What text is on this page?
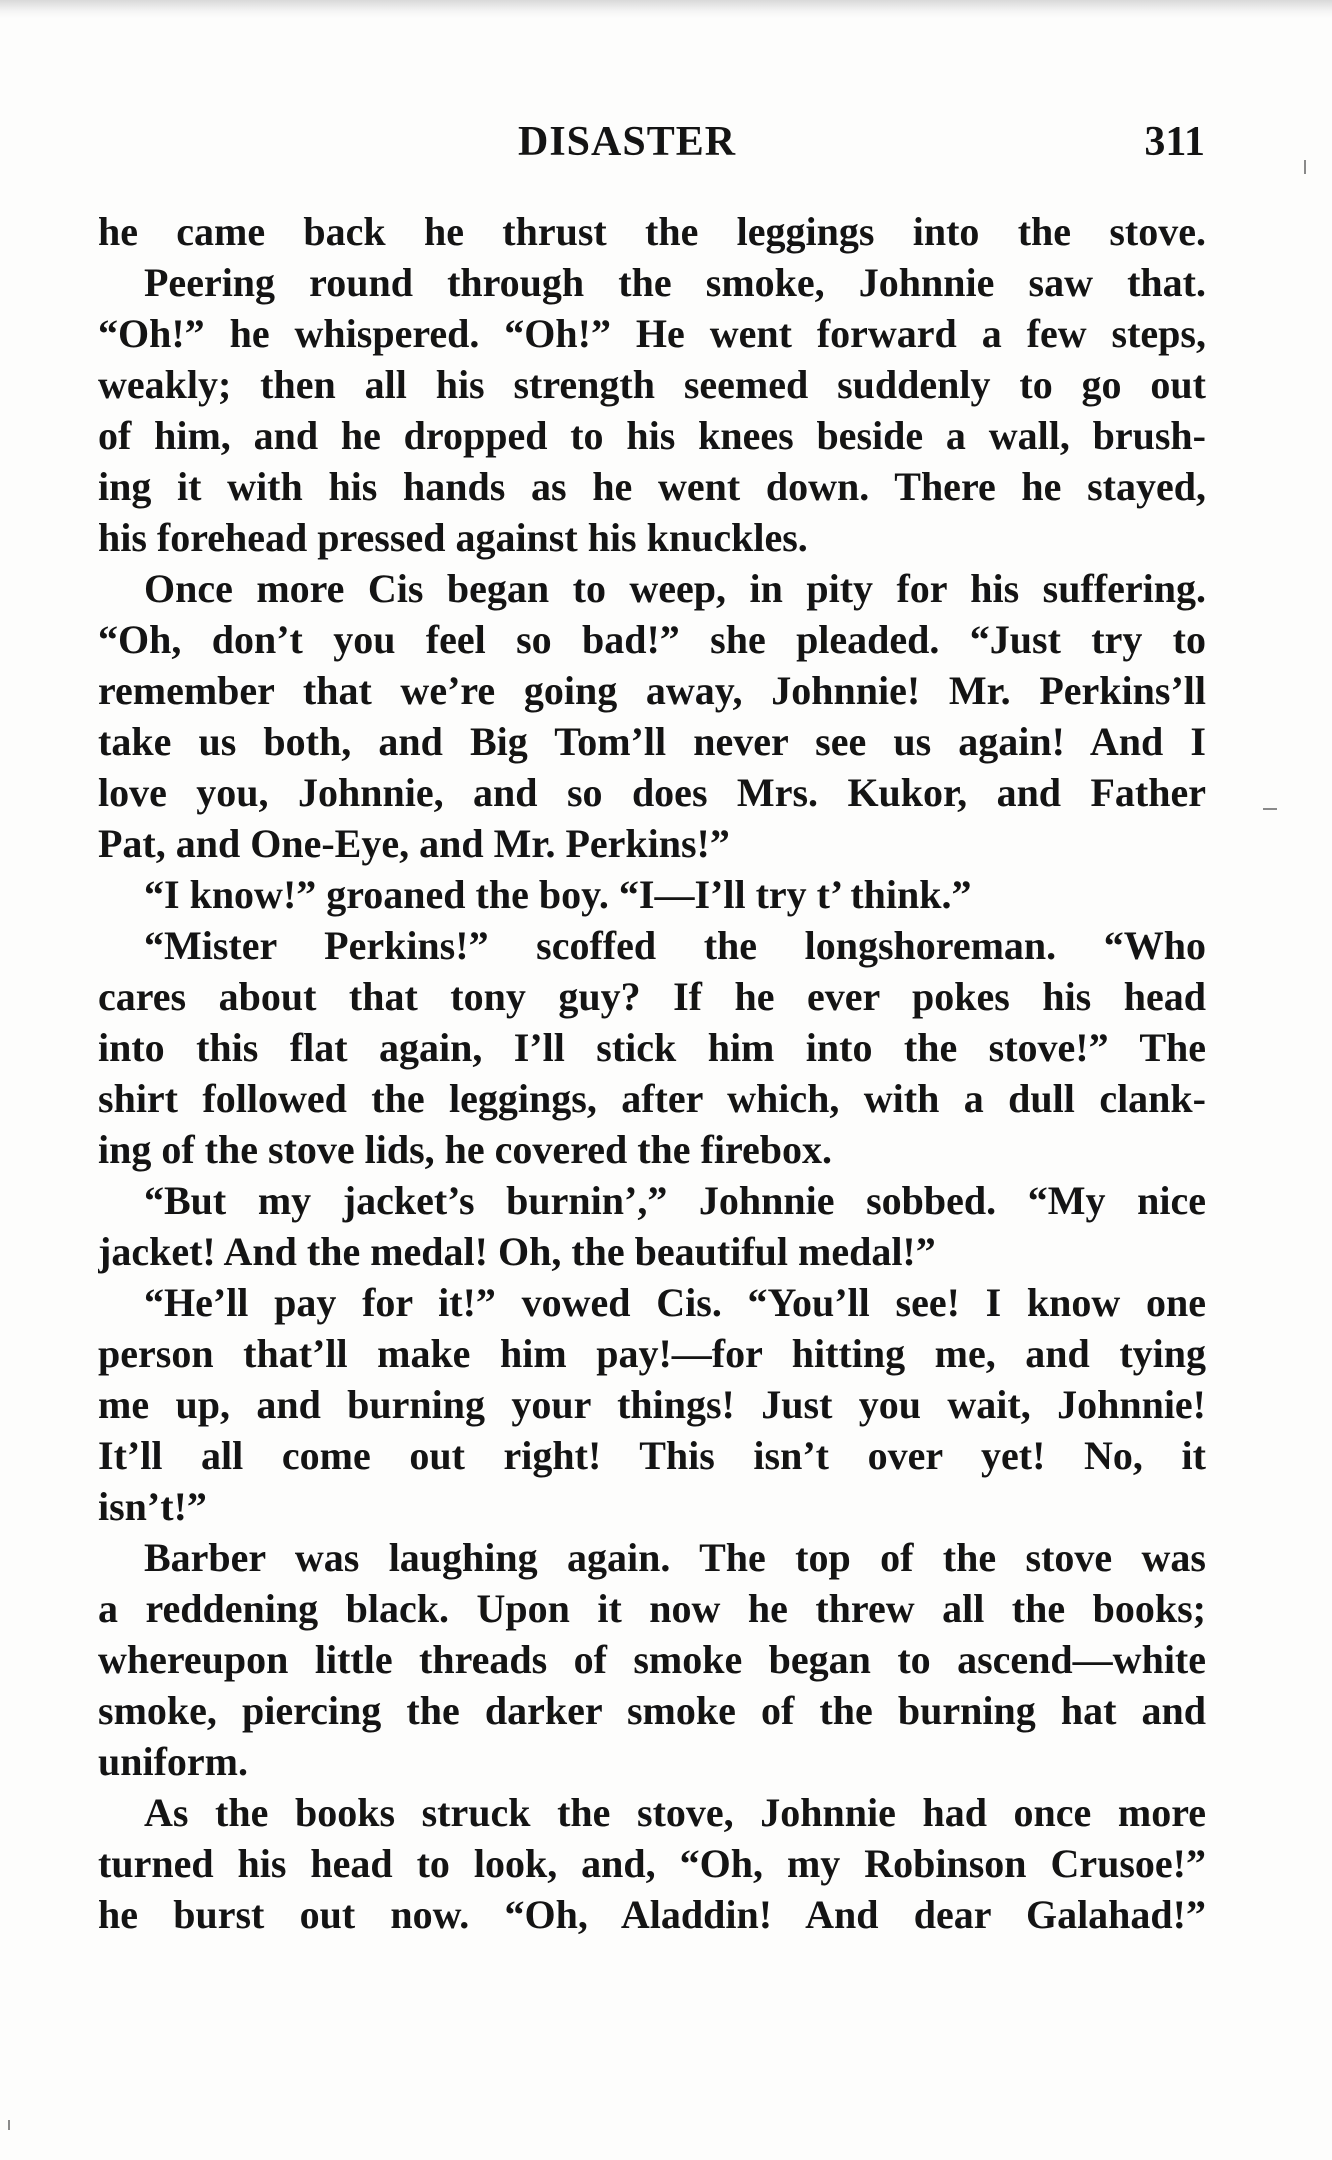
DISASTER	311
he came back he thrust the leggings into the stove.
Peering round through the smoke, Johnnie saw that.
“Oh!” he whispered. “Oh!” He went forward a few steps,
weakly; then all his strength seemed suddenly to go out
of him, and he dropped to his knees beside a wall, brush-
ing it with his hands as he went down. There he stayed,
his forehead pressed against his knuckles.
Once more Cis began to weep, in pity for his suffering.
“Oh, don’t you feel so bad!” she pleaded. “Just try to
remember that we’re going away, Johnnie! Mr. Perkins’ll
take us both, and Big Tom’ll never see us again! And I
love you, Johnnie, and so does Mrs. Kukor, and Father
Pat, and One-Eye, and Mr. Perkins!”
“I know!” groaned the boy. “I—I’ll try t’ think.”
“Mister Perkins!” scoffed the longshoreman. “Who
cares about that tony guy? If he ever pokes his head
into this flat again, I’ll stick him into the stove!” The
shirt followed the leggings, after which, with a dull clank-
ing of the stove lids, he covered the firebox.
“But my jacket’s burnin’,” Johnnie sobbed. “My nice
jacket! And the medal! Oh, the beautiful medal!”
“He’ll pay for it!” vowed Cis. “You’ll see! I know one
person that’ll make him pay!—for hitting me, and tying
me up, and burning your things! Just you wait, Johnnie!
It’ll all come out right! This isn’t over yet! No, it
isn’t!”
Barber was laughing again. The top of the stove was
a reddening black. Upon it now he threw all the books;
whereupon little threads of smoke began to ascend—white
smoke, piercing the darker smoke of the burning hat and
uniform.
As the books struck the stove, Johnnie had once more
turned his head to look, and, “Oh, my Robinson Crusoe!”
he burst out now. “Oh, Aladdin! And dear Galahad!”
